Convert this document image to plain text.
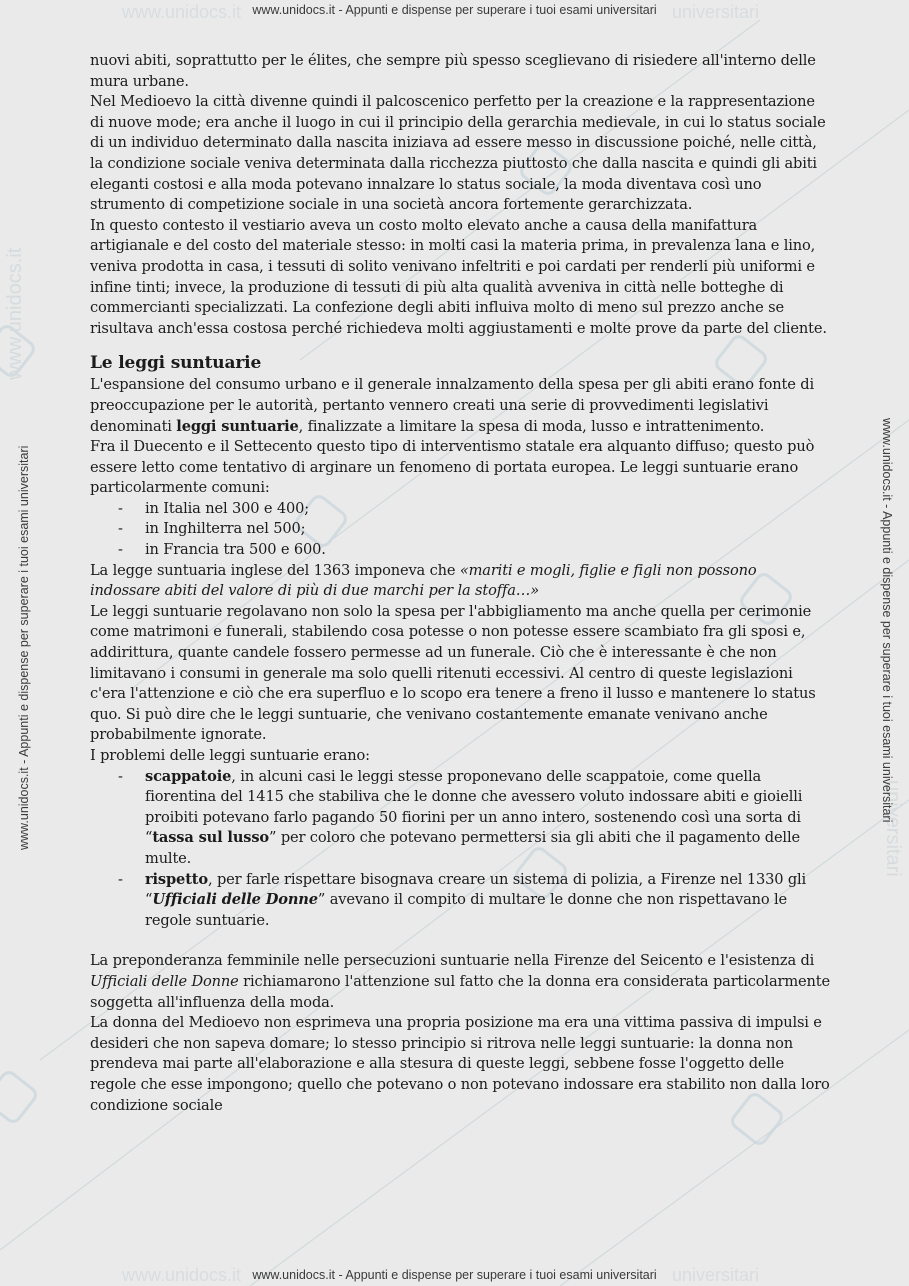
www.unidocs.it	universitari
www.unidocs.it - Appunti e dispense per superare i tuoi esami universitari
www.unidocs.it	universitari
www.unidocs.it - Appunti e dispense per superare i tuoi esami universitari
www.unidocs.it
www.unidocs.it - Appunti e dispense per superare i tuoi esami universitari	universitari
www.unidocs.it - Appunti e dispense per superare i tuoi esami universitari

nuovi abiti, soprattutto per le élites, che sempre più spesso sceglievano di risiedere all'interno delle mura urbane.

Nel Medioevo la città divenne quindi il palcoscenico perfetto per la creazione e la rappresentazione di nuove mode; era anche il luogo in cui il principio della gerarchia medievale, in cui lo status sociale di un individuo determinato dalla nascita iniziava ad essere messo in discussione poiché, nelle città, la condizione sociale veniva determinata dalla ricchezza piuttosto che dalla nascita e quindi gli abiti eleganti costosi e alla moda potevano innalzare lo status sociale, la moda diventava così uno strumento di competizione sociale in una società ancora fortemente gerarchizzata.

In questo contesto il vestiario aveva un costo molto elevato anche a causa della manifattura artigianale e del costo del materiale stesso: in molti casi la materia prima, in prevalenza lana e lino, veniva prodotta in casa, i tessuti di solito venivano infeltriti e poi cardati per renderli più uniformi e infine tinti; invece, la produzione di tessuti di più alta qualità avveniva in città nelle botteghe di commercianti specializzati. La confezione degli abiti influiva molto di meno sul prezzo anche se risultava anch'essa costosa perché richiedeva molti aggiustamenti e molte prove da parte del cliente.

Le leggi suntuarie

L'espansione del consumo urbano e il generale innalzamento della spesa per gli abiti erano fonte di preoccupazione per le autorità, pertanto vennero creati una serie di provvedimenti legislativi denominati leggi suntuarie, finalizzate a limitare la spesa di moda, lusso e intrattenimento.

Fra il Duecento e il Settecento questo tipo di interventismo statale era alquanto diffuso; questo può essere letto come tentativo di arginare un fenomeno di portata europea. Le leggi suntuarie erano particolarmente comuni:

- in Italia nel 300 e 400;
- in Inghilterra nel 500;
- in Francia tra 500 e 600.

La legge suntuaria inglese del 1363 imponeva che «mariti e mogli, figlie e figli non possono indossare abiti del valore di più di due marchi per la stoffa…»

Le leggi suntuarie regolavano non solo la spesa per l'abbigliamento ma anche quella per cerimonie come matrimoni e funerali, stabilendo cosa potesse o non potesse essere scambiato fra gli sposi e, addirittura, quante candele fossero permesse ad un funerale. Ciò che è interessante è che non limitavano i consumi in generale ma solo quelli ritenuti eccessivi. Al centro di queste legislazioni c'era l'attenzione e ciò che era superfluo e lo scopo era tenere a freno il lusso e mantenere lo status quo. Si può dire che le leggi suntuarie, che venivano costantemente emanate venivano anche probabilmente ignorate.

I problemi delle leggi suntuarie erano:

- scappatoie, in alcuni casi le leggi stesse proponevano delle scappatoie, come quella fiorentina del 1415 che stabiliva che le donne che avessero voluto indossare abiti e gioielli proibiti potevano farlo pagando 50 fiorini per un anno intero, sostenendo così una sorta di “tassa sul lusso” per coloro che potevano permettersi sia gli abiti che il pagamento delle multe.
- rispetto, per farle rispettare bisognava creare un sistema di polizia, a Firenze nel 1330 gli “Ufficiali delle Donne” avevano il compito di multare le donne che non rispettavano le regole suntuarie.

La preponderanza femminile nelle persecuzioni suntuarie nella Firenze del Seicento e l'esistenza di Ufficiali delle Donne richiamarono l'attenzione sul fatto che la donna era considerata particolarmente soggetta all'influenza della moda.

La donna del Medioevo non esprimeva una propria posizione ma era una vittima passiva di impulsi e desideri che non sapeva domare; lo stesso principio si ritrova nelle leggi suntuarie: la donna non prendeva mai parte all'elaborazione e alla stesura di queste leggi, sebbene fosse l'oggetto delle regole che esse impongono; quello che potevano o non potevano indossare era stabilito non dalla loro condizione sociale
